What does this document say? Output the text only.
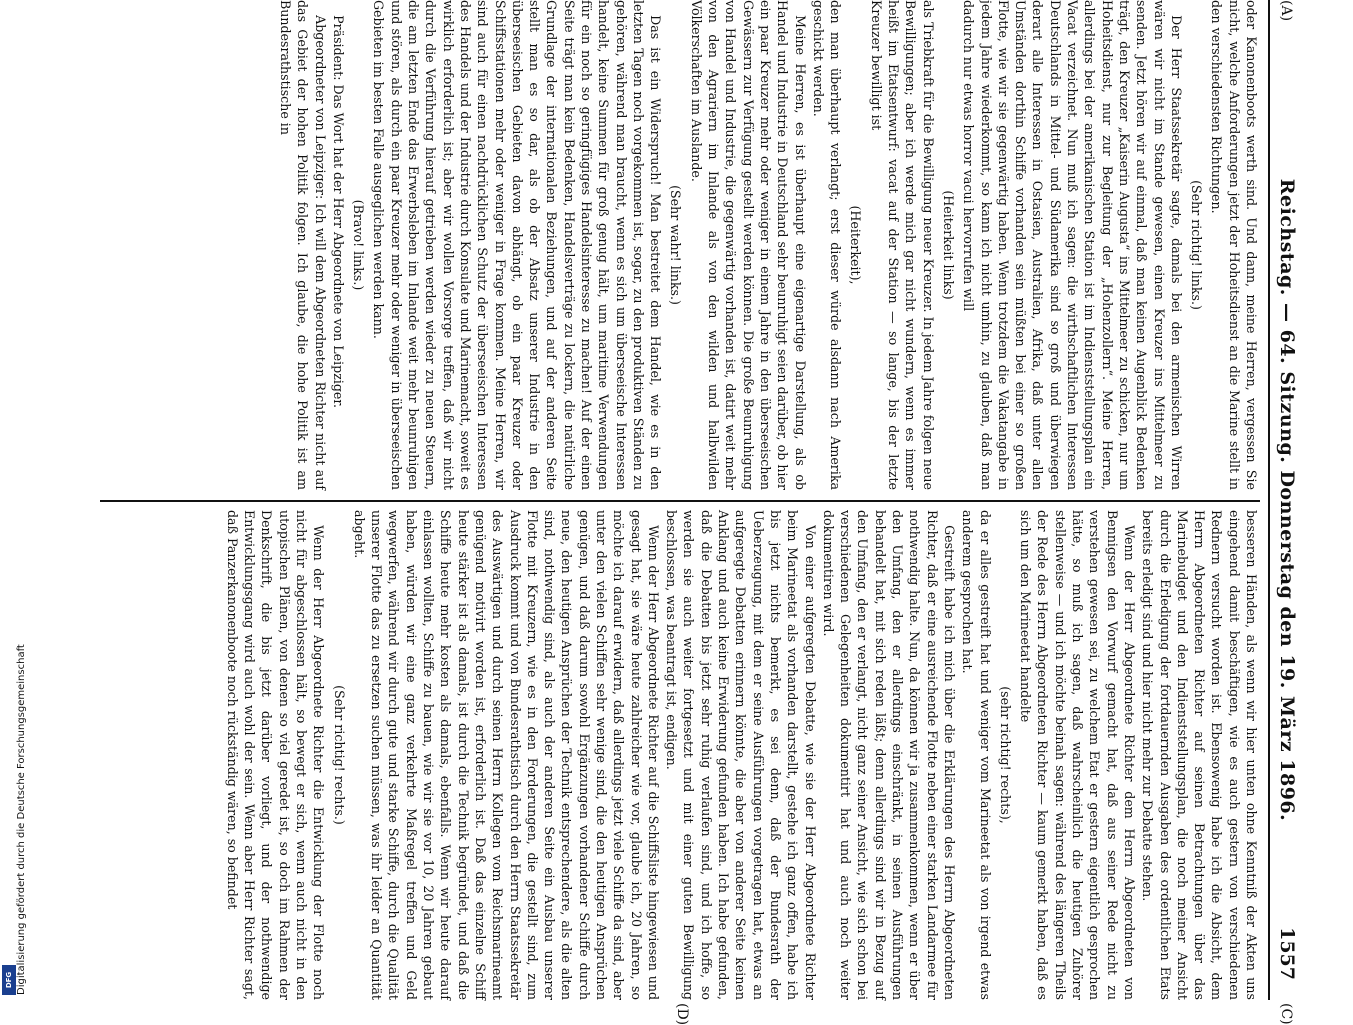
(A)
Reichstag. — 64. Sitzung. Donnerstag den 19. März 1896.
1557

oder Kanonenboots werth sind. Und dann, meine Herren, vergessen Sie nicht, welche Anforderungen jetzt der Hoheitsdienst an die Marine stellt in den verschiedensten Richtungen.

(Sehr richtig! links.)

Der Herr Staatssekretär sagte, damals bei den armenischen Wirren wären wir nicht im Stande gewesen, einen Kreuzer ins Mittelmeer zu senden. Jetzt hören wir auf einmal, daß man keinen Augenblick Bedenken trägt, den Kreuzer „Kaiserin Augusta“ ins Mittelmeer zu schicken, nur um Hoheitsdienst, nur zur Begleitung der „Hohenzollern“. Meine Herren, allerdings bei der amerikanischen Station ist im Indienststellungsplan ein Vacat verzeichnet. Nun muß ich sagen: die wirthschaftlichen Interessen Deutschlands in Mittel- und Südamerika sind so groß und überwiegen derart alle Interessen in Ostasien, Australien, Afrika, daß unter allen Umständen dorthin Schiffe vorhanden sein müßten bei einer so großen Flotte, wie wir sie gegenwärtig haben. Wenn trotzdem die Vakatangabe in jedem Jahre wiederkommt, so kann ich nicht umhin, zu glauben, daß man dadurch nur etwas horror vacui hervorrufen will

(Heiterkeit links)

als Triebkraft für die Bewilligung neuer Kreuzer. In jedem Jahre folgen neue Bewilligungen; aber ich werde mich gar nicht wundern, wenn es immer heißt im Etatsentwurf: vacat auf der Station — so lange, bis der letzte Kreuzer bewilligt ist

(Heiterkeit),

den man überhaupt verlangt; erst dieser würde alsdann nach Amerika geschickt werden.

Meine Herren, es ist überhaupt eine eigenartige Darstellung, als ob Handel und Industrie in Deutschland sehr beunruhigt seien darüber, ob hier ein paar Kreuzer mehr oder weniger in einem Jahre in den überseeischen Gewässern zur Verfügung gestellt werden können. Die große Beunruhigung von Handel und Industrie, die gegenwärtig vorhanden ist, datirt weit mehr von den Agrariern im Inlande als von den wilden und halbwilden Völkerschaften im Auslande.

(Sehr wahr! links.)

Das ist ein Widerspruch! Man bestreitet dem Handel, wie es in den letzten Tagen noch vorgekommen ist, sogar, zu den produktiven Ständen zu gehören, während man braucht, wenn es sich um überseeische Interessen handelt, keine Summen für groß genug hält, um maritime Verwendungen für ein noch so geringfügiges Handelsinteresse zu machen! Auf der einen Seite trägt man kein Bedenken, Handelsverträge zu lockern, die natürliche Grundlage der internationalen Beziehungen, und auf der anderen Seite stellt man es so dar, als ob der Absatz unserer Industrie in den überseeischen Gebieten davon abhängt, ob ein paar Kreuzer oder Schiffsstationen mehr oder weniger in Frage kommen. Meine Herren, wir sind auch für einen nachdrücklichen Schutz der überseeischen Interessen des Handels und der Industrie durch Konsulate und Marinemacht, soweit es wirklich erforderlich ist; aber wir wollen Vorsorge treffen, daß wir nicht durch die Verführung hierauf getrieben werden wieder zu neuen Steuern, die am letzten Ende das Erwerbsleben im Inlande weit mehr beunruhigen und stören, als durch ein paar Kreuzer mehr oder weniger in überseeischen Gebieten im besten Falle ausgeglichen werden kann.

(Bravo! links.)

Präsident: Das Wort hat der Herr Abgeordnete von Leipziger.

Abgeordneter von Leipziger: Ich will dem Abgeordneten Richter nicht auf das Gebiet der hohen Politik folgen. Ich glaube, die hohe Politik ist am Bundesrathstische in

besseren Händen, als wenn wir hier unten ohne Kenntniß der Akten uns eingehend damit beschäftigen, wie es auch gestern von verschiedenen Rednern versucht worden ist. Ebensowenig habe ich die Absicht, dem Herrn Abgeordneten Richter auf seinen Betrachtungen über das Marinebudget und den Indienststellungsplan, die noch meiner Ansicht durch die Erledigung der fortdauernden Ausgaben des ordentlichen Etats bereits erledigt sind und hier nicht mehr zur Debatte stehen.

Wenn der Herr Abgeordnete Richter dem Herrn Abgeordneten von Bennigsen den Vorwurf gemacht hat, daß aus seiner Rede nicht zu verstehen gewesen sei, zu welchem Etat er gestern eigentlich gesprochen hätte, so muß ich sagen, daß wahrscheinlich die heutigen Zuhörer stellenweise — und ich möchte beinah sagen: während des längeren Theils der Rede des Herrn Abgeordneten Richter — kaum gemerkt haben, daß es sich um den Marineetat handelte

(sehr richtig! rechts),

da er alles gestreift hat und weniger vom Marineetat als von irgend etwas anderem gesprochen hat.

Gestreift habe ich mich über die Erklärungen des Herrn Abgeordneten Richter, daß er eine ausreichende Flotte neben einer starken Landarmee für nothwendig halte. Nun, da können wir ja zusammenkommen, wenn er über den Umfang, den er allerdings einschränkt, in seinen Ausführungen behandelt hat, mit sich reden läßt; denn allerdings sind wir in Bezug auf den Umfang, den er verlangt, nicht ganz seiner Ansicht, wie sich schon bei verschiedenen Gelegenheiten dokumentirt hat und auch noch weiter dokumentiren wird.

Von einer aufgeregten Debatte, wie sie der Herr Abgeordnete Richter beim Marineetat als vorhanden darstellt, gestehe ich ganz offen, habe ich bis jetzt nichts bemerkt, es sei denn, daß der Bundesrath der Ueberzeugung, mit dem er seine Ausführungen vorgetragen hat, etwas an aufgeregte Debatten erinnern könnte, die aber von anderer Seite keinen Anklang und auch keine Erwiderung gefunden haben. Ich habe gefunden, daß die Debatten bis jetzt sehr ruhig verlaufen sind, und ich hoffe, so werden sie auch weiter fortgesetzt und mit einer guten Bewilligung beschlossen, was beantragt ist, endigen.

Wenn der Herr Abgeordnete Richter auf die Schiffsliste hingewiesen und gesagt hat, sie wäre heute zahlreicher wie vor, glaube ich, 20 Jahren, so möchte ich darauf erwidern, daß allerdings jetzt viele Schiffe da sind, aber unter den vielen Schiffen sehr wenige sind, die den heutigen Ansprüchen genügen, und daß darum sowohl Ergänzungen vorhandener Schiffe durch neue, den heutigen Ansprüchen der Technik entsprechendere, als die alten sind, nothwendig sind, als auch der anderen Seite ein Ausbau unserer Flotte mit Kreuzern, wie es in den Forderungen, die gestellt sind, zum Ausdruck kommt und von Bundesrathstisch durch den Herrn Staatssekretär des Auswärtigen und durch seinen Herrn Kollegen vom Reichsmarineamt genügend motivirt worden ist, erforderlich ist. Daß das einzelne Schiff heute stärker ist als damals, ist durch die Technik begründet, und daß die Schiffe heute mehr kosten als damals, ebenfalls. Wenn wir heute darauf einlassen wollten, Schiffe zu bauen, wie wir sie vor 10, 20 Jahren gebaut haben, würden wir eine ganz verkehrte Maßregel treffen und Geld wegwerfen, während wir durch gute und starke Schiffe, durch die Qualität unserer Flotte das zu ersetzen suchen müssen, was ihr leider an Quantität abgeht.

(Sehr richtig! rechts.)

Wenn der Herr Abgeordnete Richter die Entwicklung der Flotte noch nicht für abgeschlossen hält, so bewegt er sich, wenn auch nicht in den utopischen Plänen, von denen so viel geredet ist, so doch im Rahmen der Denkschrift, die bis jetzt darüber vorliegt, und der nothwendige Entwicklungsgang wird auch wohl der sein. Wenn aber Herr Richter sagt, daß Panzerkanonenboote noch rückständig wären, so befindet

(C)
(D)
Digitalisierung gefördert durch die Deutsche Forschungsgemeinschaft
DFG
